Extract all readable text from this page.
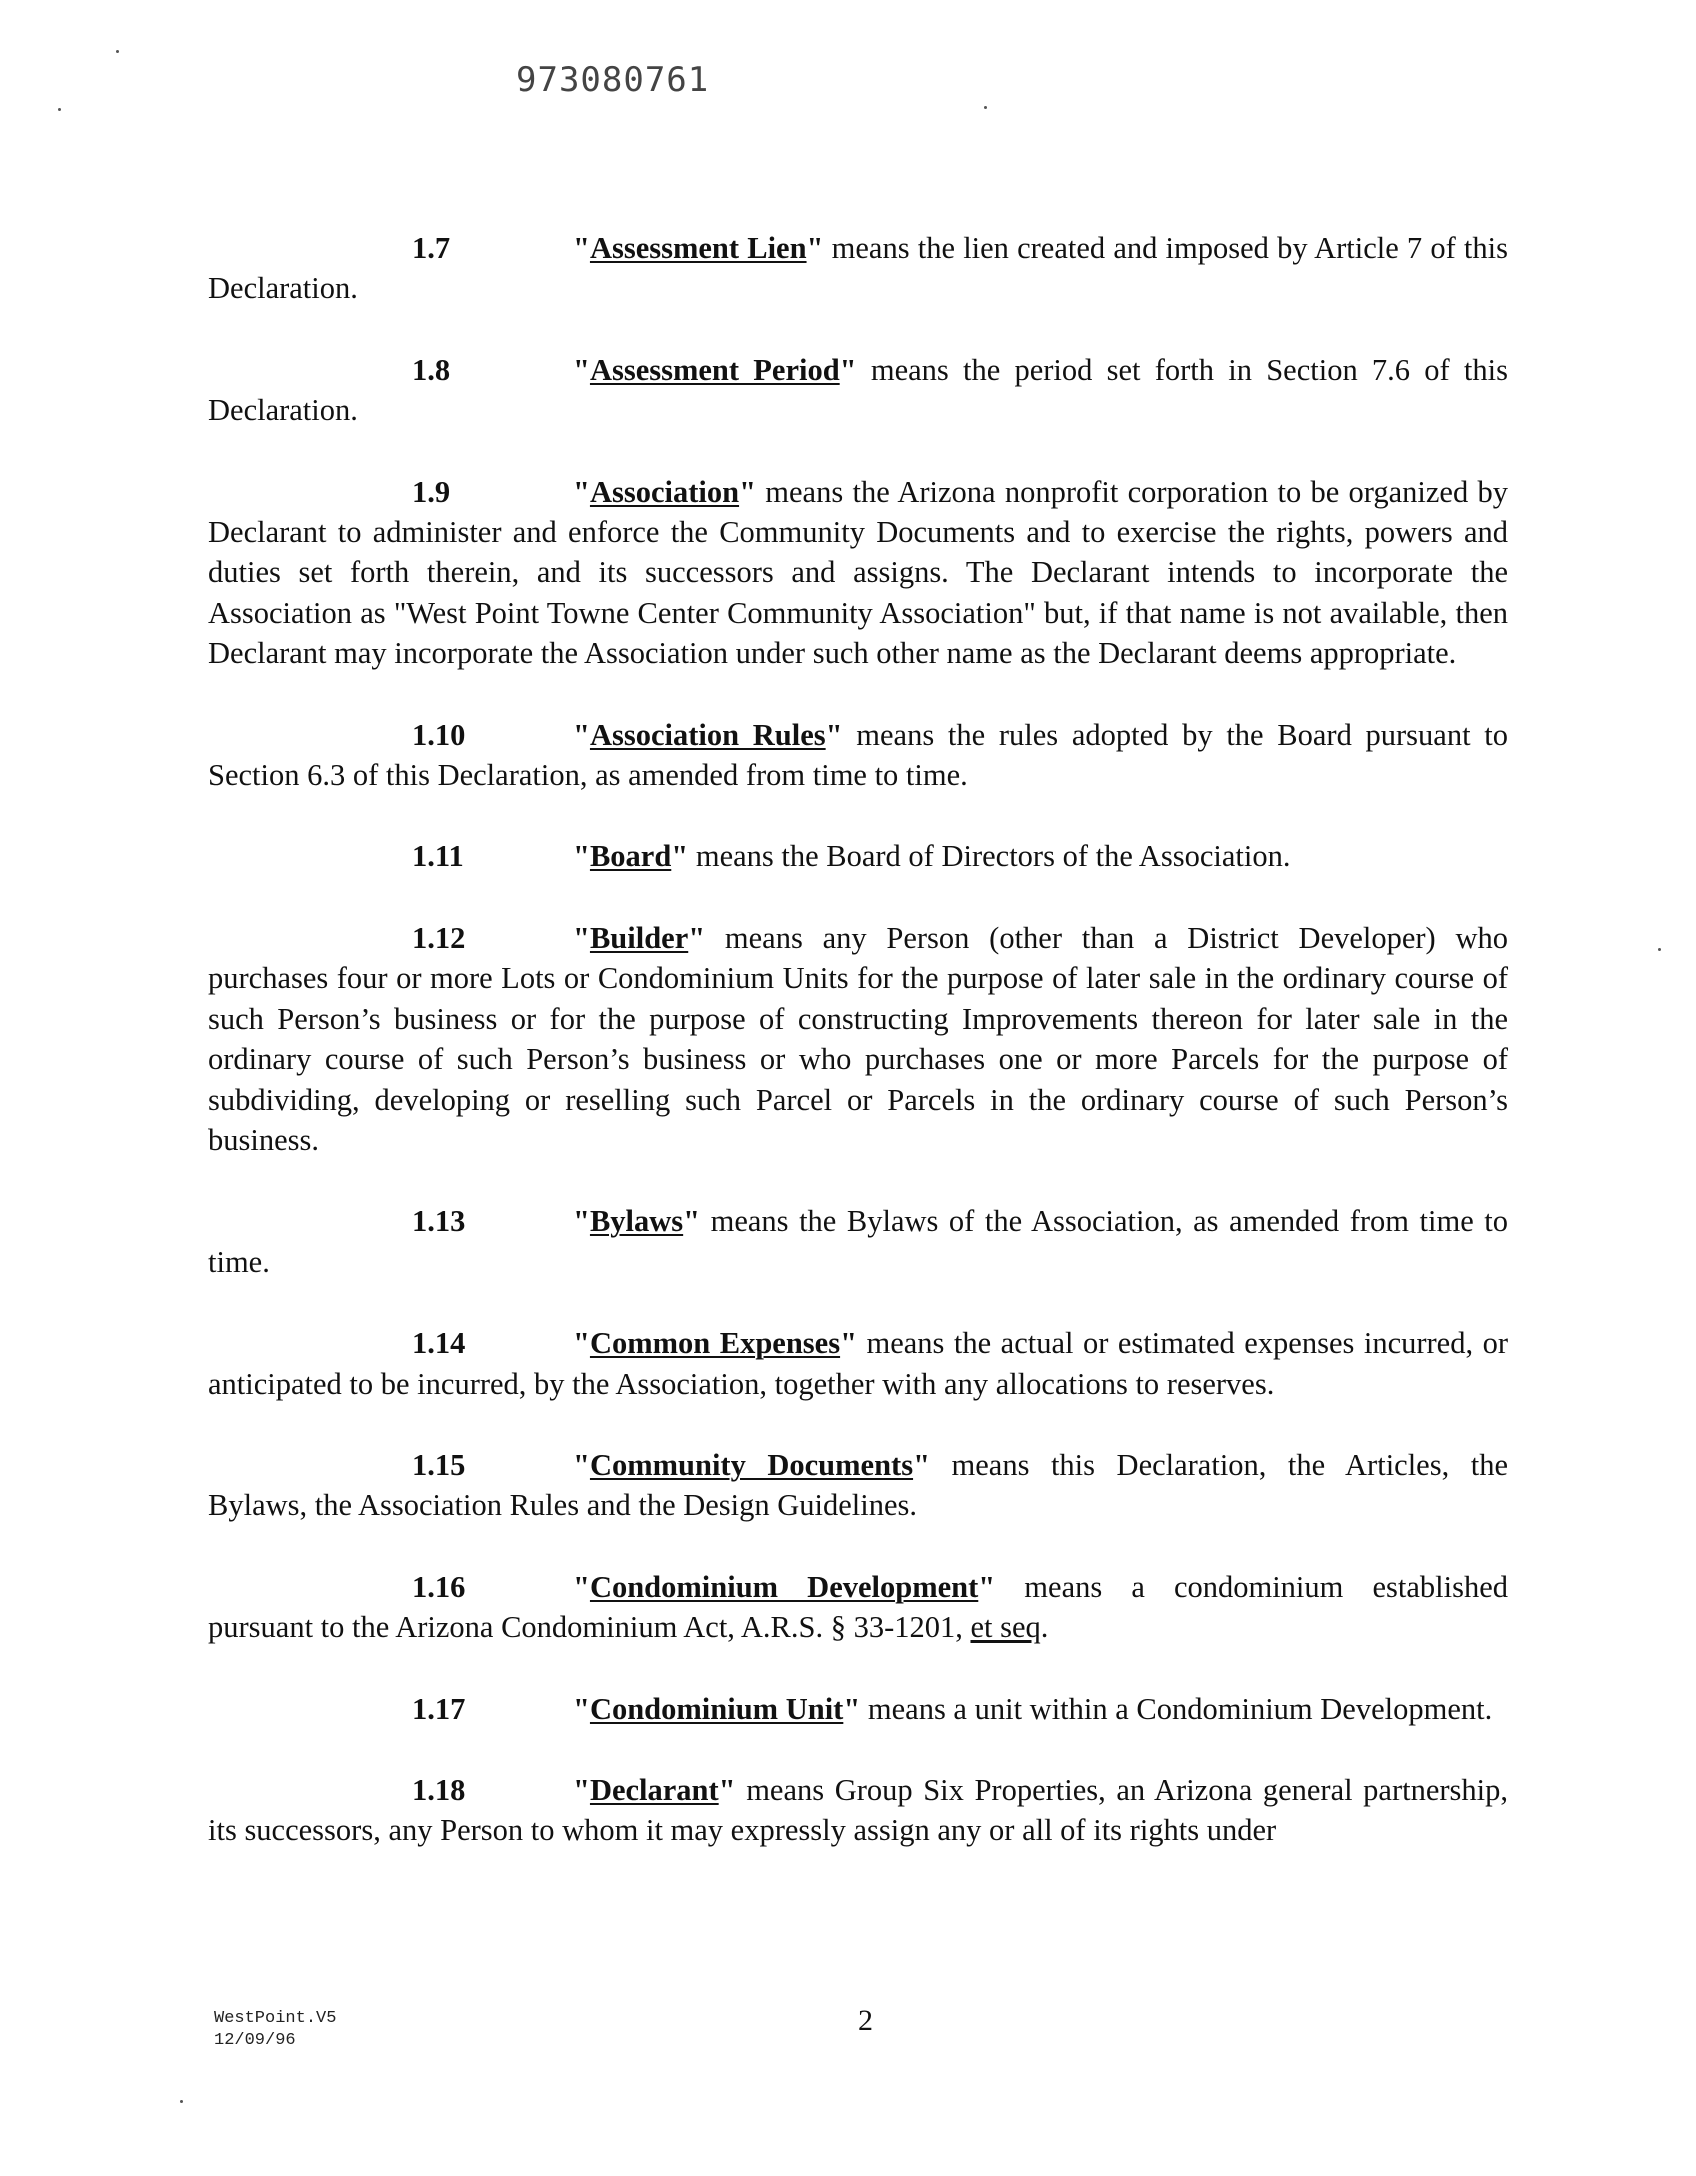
973080761

1.7	"Assessment Lien" means the lien created and imposed by Article 7 of this Declaration.

1.8	"Assessment Period" means the period set forth in Section 7.6 of this Declaration.

1.9	"Association" means the Arizona nonprofit corporation to be organized by Declarant to administer and enforce the Community Documents and to exercise the rights, powers and duties set forth therein, and its successors and assigns. The Declarant intends to incorporate the Association as "West Point Towne Center Community Association" but, if that name is not available, then Declarant may incorporate the Association under such other name as the Declarant deems appropriate.

1.10	"Association Rules" means the rules adopted by the Board pursuant to Section 6.3 of this Declaration, as amended from time to time.

1.11	"Board" means the Board of Directors of the Association.

1.12	"Builder" means any Person (other than a District Developer) who purchases four or more Lots or Condominium Units for the purpose of later sale in the ordinary course of such Person’s business or for the purpose of constructing Improvements thereon for later sale in the ordinary course of such Person’s business or who purchases one or more Parcels for the purpose of subdividing, developing or reselling such Parcel or Parcels in the ordinary course of such Person’s business.

1.13	"Bylaws" means the Bylaws of the Association, as amended from time to time.

1.14	"Common Expenses" means the actual or estimated expenses incurred, or anticipated to be incurred, by the Association, together with any allocations to reserves.

1.15	"Community Documents" means this Declaration, the Articles, the Bylaws, the Association Rules and the Design Guidelines.

1.16	"Condominium Development" means a condominium established pursuant to the Arizona Condominium Act, A.R.S. § 33-1201, et seq.

1.17	"Condominium Unit" means a unit within a Condominium Development.

1.18	"Declarant" means Group Six Properties, an Arizona general partnership, its successors, any Person to whom it may expressly assign any or all of its rights under

WestPoint.V5
12/09/96
2
